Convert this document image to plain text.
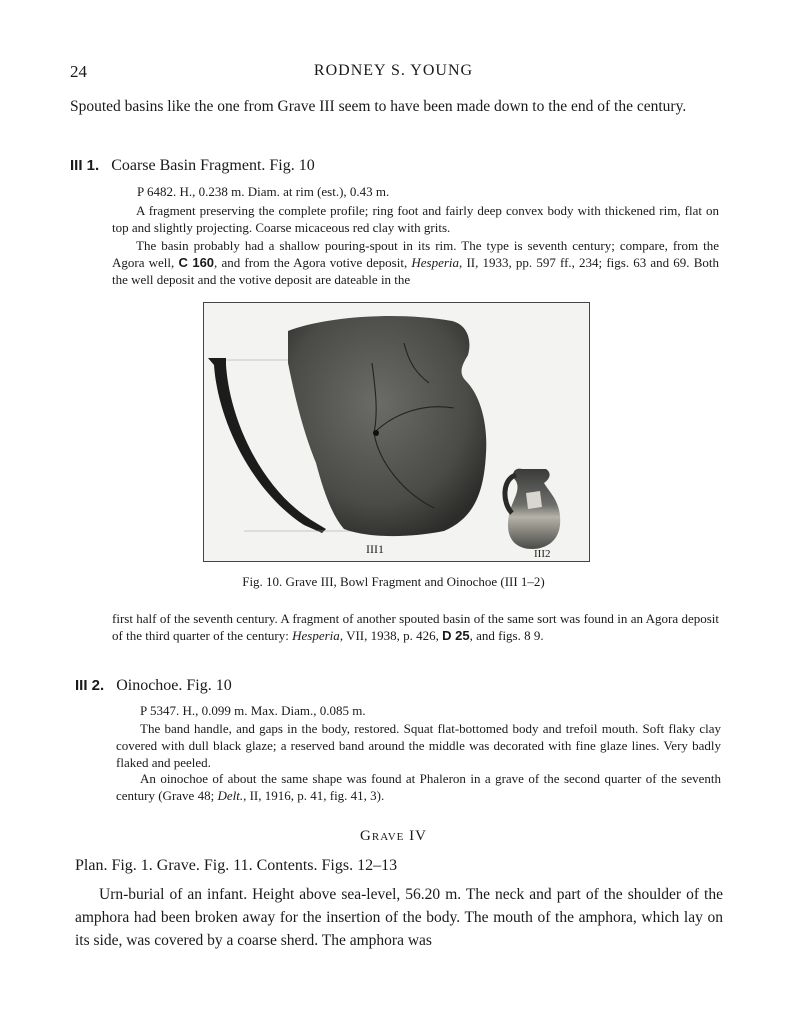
24	RODNEY S. YOUNG
Spouted basins like the one from Grave III seem to have been made down to the end of the century.
III 1. Coarse Basin Fragment. Fig. 10
P 6482. H., 0.238 m. Diam. at rim (est.), 0.43 m.
A fragment preserving the complete profile; ring foot and fairly deep convex body with thickened rim, flat on top and slightly projecting. Coarse micaceous red clay with grits.
The basin probably had a shallow pouring-spout in its rim. The type is seventh century; compare, from the Agora well, C 160, and from the Agora votive deposit, Hesperia, II, 1933, pp. 597 ff., 234; figs. 63 and 69. Both the well deposit and the votive deposit are dateable in the
III1	III2
Fig. 10. Grave III, Bowl Fragment and Oinochoe (III 1–2)
first half of the seventh century. A fragment of another spouted basin of the same sort was found in an Agora deposit of the third quarter of the century: Hesperia, VII, 1938, p. 426, D 25, and figs. 8 9.
III 2. Oinochoe. Fig. 10
P 5347. H., 0.099 m. Max. Diam., 0.085 m.
The band handle, and gaps in the body, restored. Squat flat-bottomed body and trefoil mouth. Soft flaky clay covered with dull black glaze; a reserved band around the middle was decorated with fine glaze lines. Very badly flaked and peeled.
An oinochoe of about the same shape was found at Phaleron in a grave of the second quarter of the seventh century (Grave 48; Delt., II, 1916, p. 41, fig. 41, 3).
Grave IV
Plan. Fig. 1. Grave. Fig. 11. Contents. Figs. 12–13
Urn-burial of an infant. Height above sea-level, 56.20 m. The neck and part of the shoulder of the amphora had been broken away for the insertion of the body. The mouth of the amphora, which lay on its side, was covered by a coarse sherd. The amphora was
